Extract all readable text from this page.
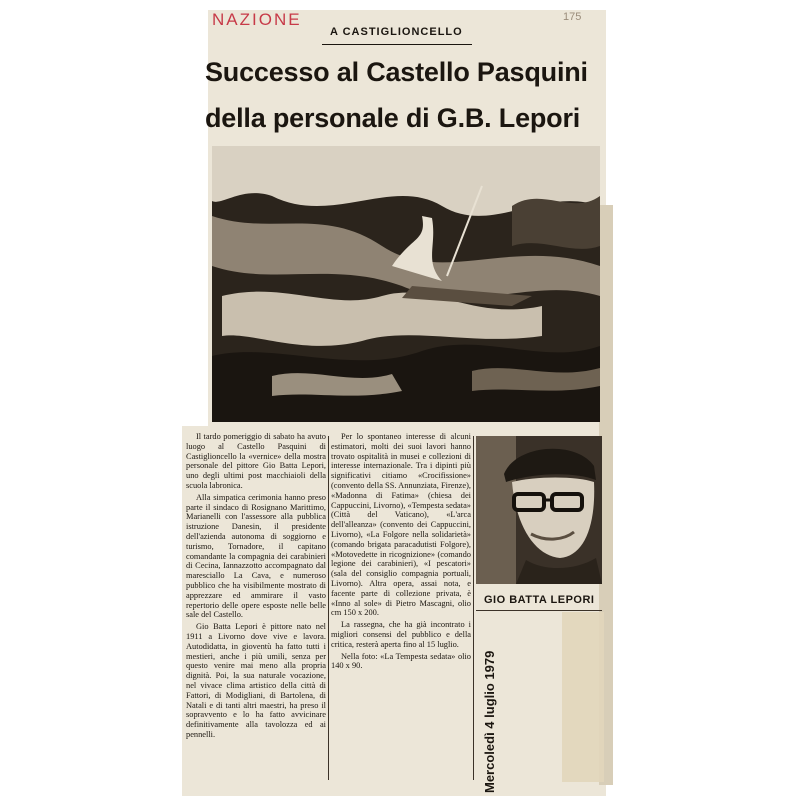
NAZIONE	175
A CASTIGLIONCELLO
Successo al Castello Pasquini
della personale di G.B. Lepori
GIO BATTA LEPORI

Il tardo pomeriggio di sabato ha avuto luogo al Castello Pasquini di Castiglioncello la «vernice» della mostra personale del pittore Gio Batta Lepori, uno degli ultimi post macchiaioli della scuola labronica.

Alla simpatica cerimonia hanno preso parte il sindaco di Rosignano Marittimo, Marianelli con l'assessore alla pubblica istruzione Danesin, il presidente dell'azienda autonoma di soggiorno e turismo, Tornadore, il capitano comandante la compagnia dei carabinieri di Cecina, Iannazzotto accompagnato dal maresciallo La Cava, e numeroso pubblico che ha visibilmente mostrato di apprezzare ed ammirare il vasto repertorio delle opere esposte nelle belle sale del Castello.

Gio Batta Lepori è pittore nato nel 1911 a Livorno dove vive e lavora. Autodidatta, in gioventù ha fatto tutti i mestieri, anche i più umili, senza per questo venire mai meno alla propria dignità. Poi, la sua naturale vocazione, nel vivace clima artistico della città di Fattori, di Modigliani, di Bartolena, di Natali e di tanti altri maestri, ha preso il sopravvento e lo ha fatto avvicinare definitivamente alla tavolozza ed ai pennelli.

Per lo spontaneo interesse di alcuni estimatori, molti dei suoi lavori hanno trovato ospitalità in musei e collezioni di interesse internazionale. Tra i dipinti più significativi citiamo «Crocifissione» (convento della SS. Annunziata, Firenze), «Madonna di Fatima» (chiesa dei Cappuccini, Livorno), «Tempesta sedata» (Città del Vaticano), «L'arca dell'alleanza» (convento dei Cappuccini, Livorno), «La Folgore nella solidarietà» (comando brigata paracadutisti Folgore), «Motovedette in ricognizione» (comando legione dei carabinieri), «I pescatori» (sala del consiglio compagnia portuali, Livorno). Altra opera, assai nota, e facente parte di collezione privata, è «Inno al sole» di Pietro Mascagni, olio cm 150 x 200.

La rassegna, che ha già incontrato i migliori consensi del pubblico e della critica, resterà aperta fino al 15 luglio.

Nella foto: «La Tempesta sedata» olio 140 x 90.	Mercoledì 4 luglio 1979
